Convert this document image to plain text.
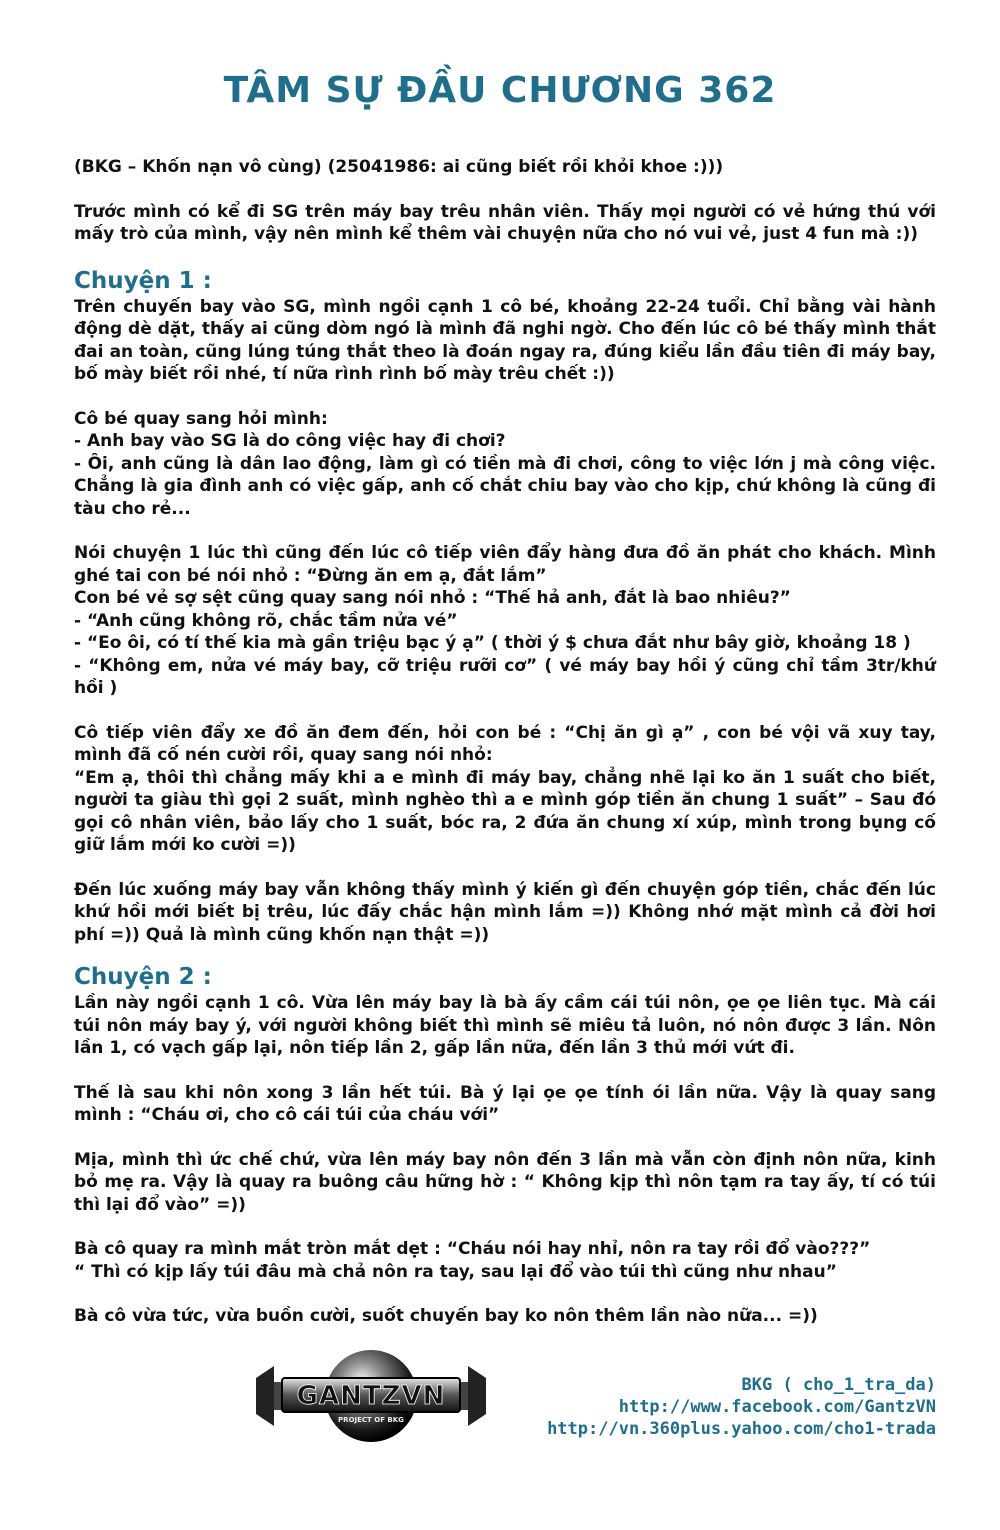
TÂM SỰ ĐẦU CHƯƠNG 362

(BKG – Khốn nạn vô cùng) (25041986: ai cũng biết rồi khỏi khoe :)))

Trước mình có kể đi SG trên máy bay trêu nhân viên. Thấy mọi người có vẻ hứng thú với mấy trò của mình, vậy nên mình kể thêm vài chuyện nữa cho nó vui vẻ, just 4 fun mà :))

Chuyện 1 :

Trên chuyến bay vào SG, mình ngồi cạnh 1 cô bé, khoảng 22-24 tuổi. Chỉ bằng vài hành động dè dặt, thấy ai cũng dòm ngó là mình đã nghi ngờ. Cho đến lúc cô bé thấy mình thắt đai an toàn, cũng lúng túng thắt theo là đoán ngay ra, đúng kiểu lần đầu tiên đi máy bay, bố mày biết rồi nhé, tí nữa rình rình bố mày trêu chết :))

Cô bé quay sang hỏi mình:
- Anh bay vào SG là do công việc hay đi chơi?
- Ôi, anh cũng là dân lao động, làm gì có tiền mà đi chơi, công to việc lớn j mà công việc. Chẳng là gia đình anh có việc gấp, anh cố chắt chiu bay vào cho kịp, chứ không là cũng đi tàu cho rẻ...

Nói chuyện 1 lúc thì cũng đến lúc cô tiếp viên đẩy hàng đưa đồ ăn phát cho khách. Mình ghé tai con bé nói nhỏ : “Đừng ăn em ạ, đắt lắm”
Con bé vẻ sợ sệt cũng quay sang nói nhỏ : “Thế hả anh, đắt là bao nhiêu?”
- “Anh cũng không rõ, chắc tầm nửa vé”
- “Eo ôi, có tí thế kia mà gần triệu bạc ý ạ” ( thời ý $ chưa đắt như bây giờ, khoảng 18 )
- “Không em, nửa vé máy bay, cỡ triệu rưỡi cơ” ( vé máy bay hồi ý cũng chỉ tầm 3tr/khứ hồi )

Cô tiếp viên đẩy xe đồ ăn đem đến, hỏi con bé : “Chị ăn gì ạ” , con bé vội vã xuy tay, mình đã cố nén cười rồi, quay sang nói nhỏ:
“Em ạ, thôi thì chẳng mấy khi a e mình đi máy bay, chẳng nhẽ lại ko ăn 1 suất cho biết, người ta giàu thì gọi 2 suất, mình nghèo thì a e mình góp tiền ăn chung 1 suất” – Sau đó gọi cô nhân viên, bảo lấy cho 1 suất, bóc ra, 2 đứa ăn chung xí xúp, mình trong bụng cố giữ lắm mới ko cười =))

Đến lúc xuống máy bay vẫn không thấy mình ý kiến gì đến chuyện góp tiền, chắc đến lúc khứ hồi mới biết bị trêu, lúc đấy chắc hận mình lắm =)) Không nhớ mặt mình cả đời hơi phí =)) Quả là mình cũng khốn nạn thật =))

Chuyện 2 :

Lần này ngồi cạnh 1 cô. Vừa lên máy bay là bà ấy cầm cái túi nôn, ọe ọe liên tục. Mà cái túi nôn máy bay ý, với người không biết thì mình sẽ miêu tả luôn, nó nôn được 3 lần. Nôn lần 1, có vạch gấp lại, nôn tiếp lần 2, gấp lần nữa, đến lần 3 thủ mới vứt đi.

Thế là sau khi nôn xong 3 lần hết túi. Bà ý lại ọe ọe tính ói lần nữa. Vậy là quay sang mình : “Cháu ơi, cho cô cái túi của cháu với”

Mịa, mình thì ức chế chứ, vừa lên máy bay nôn đến 3 lần mà vẫn còn định nôn nữa, kinh bỏ mẹ ra. Vậy là quay ra buông câu hững hờ : “ Không kịp thì nôn tạm ra tay ấy, tí có túi thì lại đổ vào” =))

Bà cô quay ra mình mắt tròn mắt dẹt : “Cháu nói hay nhỉ, nôn ra tay rồi đổ vào???”
“ Thì có kịp lấy túi đâu mà chả nôn ra tay, sau lại đổ vào túi thì cũng như nhau”

Bà cô vừa tức, vừa buồn cười, suốt chuyến bay ko nôn thêm lần nào nữa... =))

GANTZVN
PROJECT OF BKG
BKG ( cho_1_tra_da)
http://www.facebook.com/GantzVN
http://vn.360plus.yahoo.com/cho1-trada
